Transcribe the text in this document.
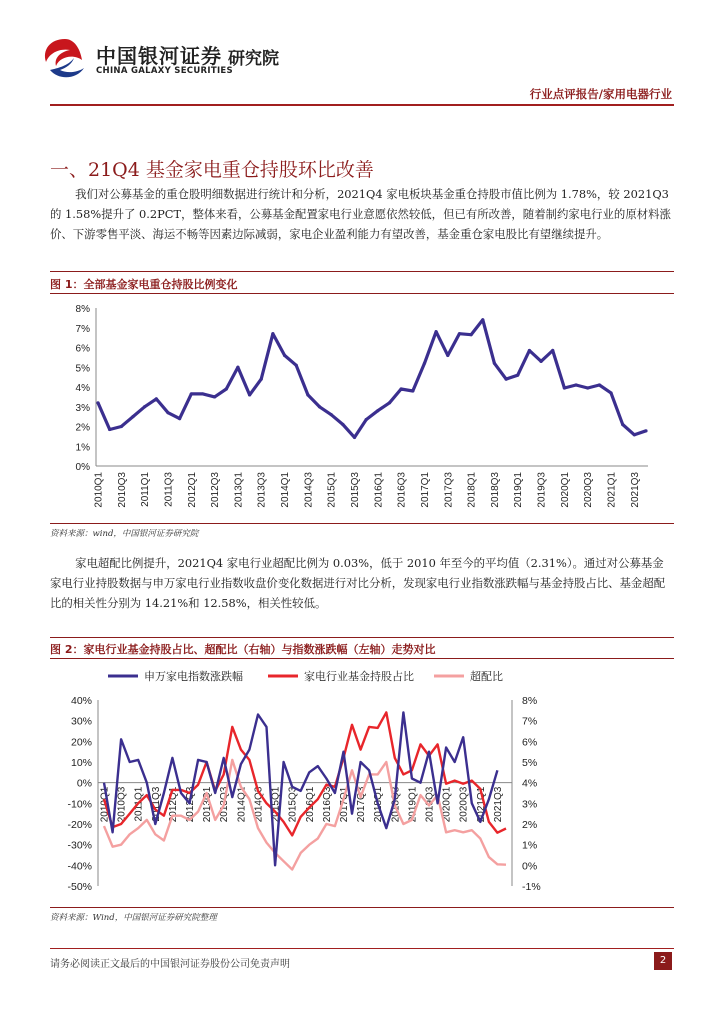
中国银河证券
CHINA GALAXY SECURITIES
研究院
行业点评报告/家用电器行业
一、21Q4 基金家电重仓持股环比改善
我们对公募基金的重仓股明细数据进行统计和分析，2021Q4 家电板块基金重仓持股市值比例为 1.78%，较 2021Q3 的 1.58%提升了 0.2PCT，整体来看，公募基金配置家电行业意愿依然较低，但已有所改善，随着制约家电行业的原材料涨价、下游零售平淡、海运不畅等因素边际减弱，家电企业盈利能力有望改善，基金重仓家电股比有望继续提升。
图 1：全部基金家电重仓持股比例变化
0%
1%
2%
3%
4%
5%
6%
7%
8%
2010Q1 2010Q3 2011Q1 2011Q3 2012Q1 2012Q3 2013Q1 2013Q3 2014Q1 2014Q3 2015Q1 2015Q3 2016Q1 2016Q3 2017Q1 2017Q3 2018Q1 2018Q3 2019Q1 2019Q3 2020Q1 2020Q3 2021Q1 2021Q3
资料来源：wind，中国银河证券研究院
家电超配比例提升，2021Q4 家电行业超配比例为 0.03%，低于 2010 年至今的平均值（2.31%）。通过对公募基金家电行业持股数据与申万家电行业指数收盘价变化数据进行对比分析，发现家电行业指数涨跌幅与基金持股占比、基金超配比的相关性分别为 14.21%和 12.58%，相关性较低。
图 2：家电行业基金持股占比、超配比（右轴）与指数涨跌幅（左轴）走势对比
申万家电指数涨跌幅	家电行业基金持股占比	超配比
-50%
-40%
-30%
-20%
-10%
0%
10%
20%
30%
40%
-1%
0%
1%
2%
3%
4%
5%
6%
7%
8%
2010Q1 2010Q3 2011Q1 2011Q3 2012Q1 2012Q3 2013Q1 2013Q3 2014Q1 2014Q3 2015Q1 2015Q3 2016Q1 2016Q3 2017Q1 2017Q3 2018Q1 2018Q3 2019Q1 2019Q3 2020Q1 2020Q3 2021Q1 2021Q3
资料来源：Wind，中国银河证券研究院整理
请务必阅读正文最后的中国银河证券股份公司免责声明	2
